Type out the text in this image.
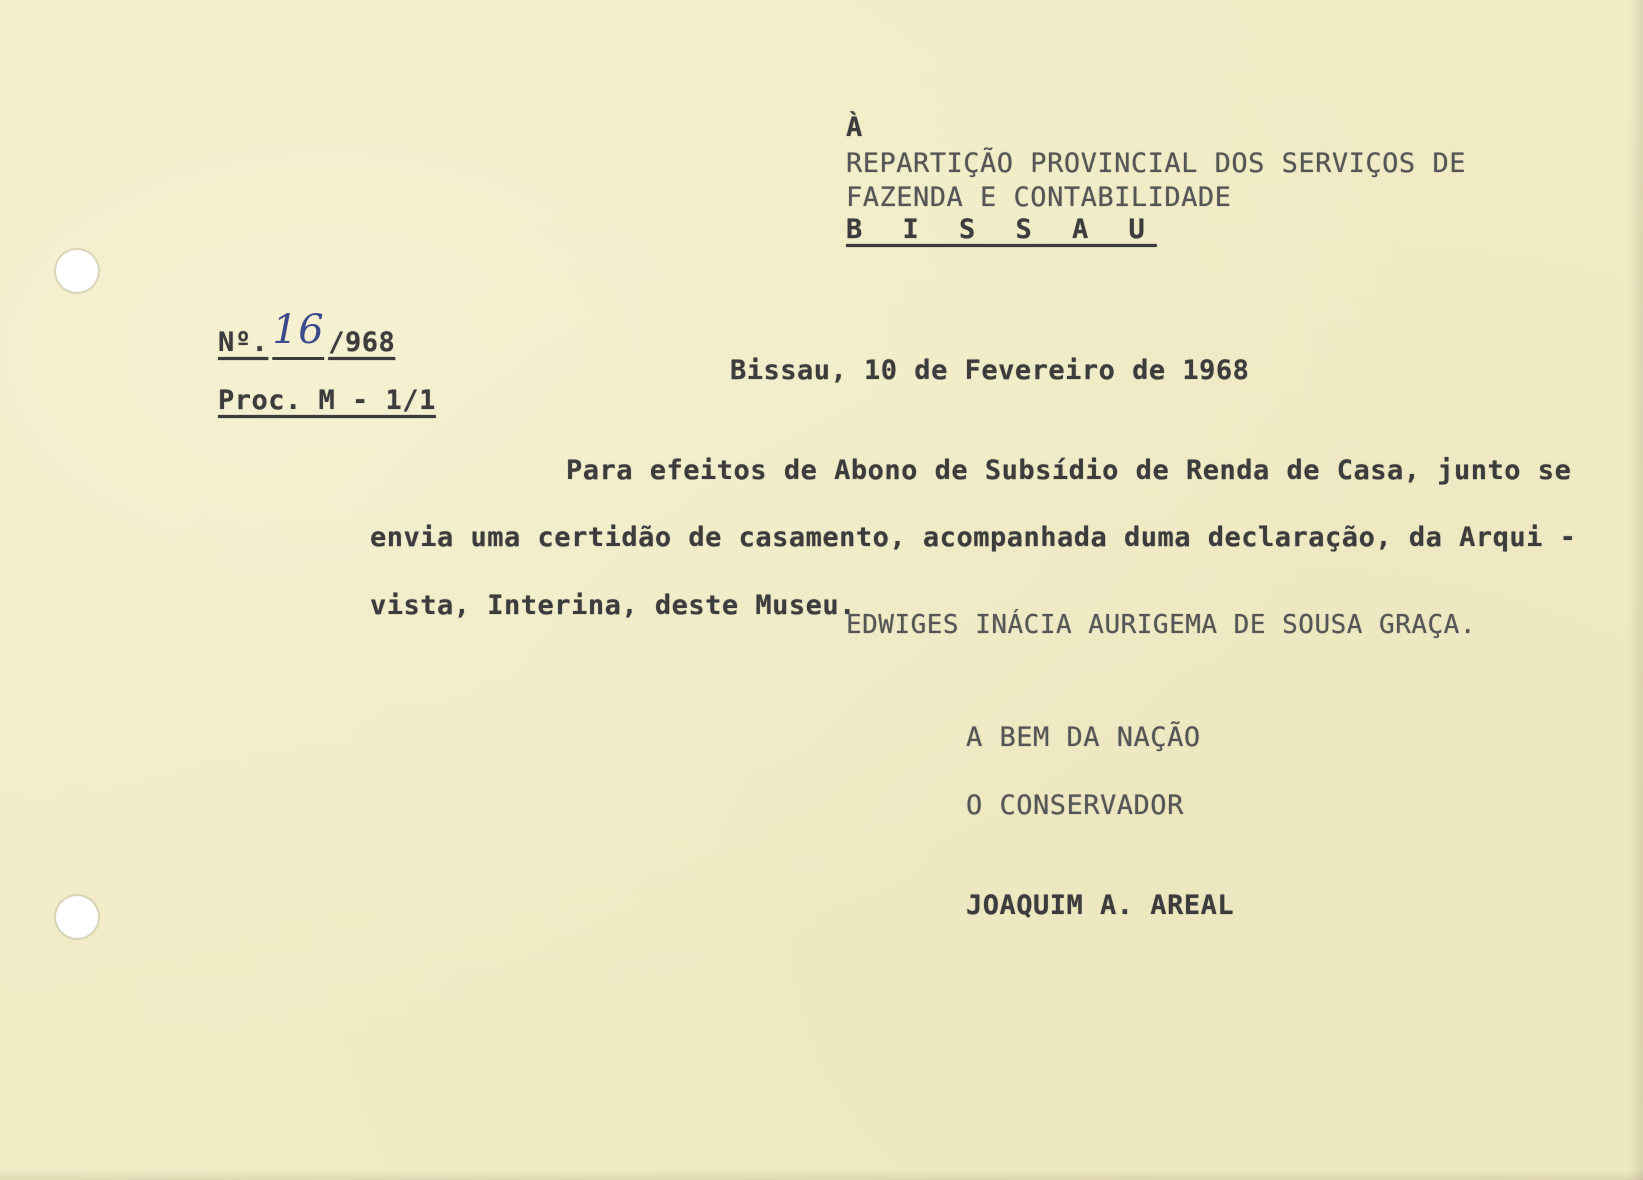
À
REPARTIÇÃO PROVINCIAL DOS SERVIÇOS DE
FAZENDA E CONTABILIDADE
B I S S A U
Nº. 16 /968
Proc. M - 1/1
Bissau, 10 de Fevereiro de 1968
Para efeitos de Abono de Subsídio de Renda de Casa, junto se
envia uma certidão de casamento, acompanhada duma declaração, da Arqui -
vista, Interina, deste Museu.
EDWIGES INÁCIA AURIGEMA DE SOUSA GRAÇA.
A BEM DA NAÇÃO
O CONSERVADOR
JOAQUIM A. AREAL
